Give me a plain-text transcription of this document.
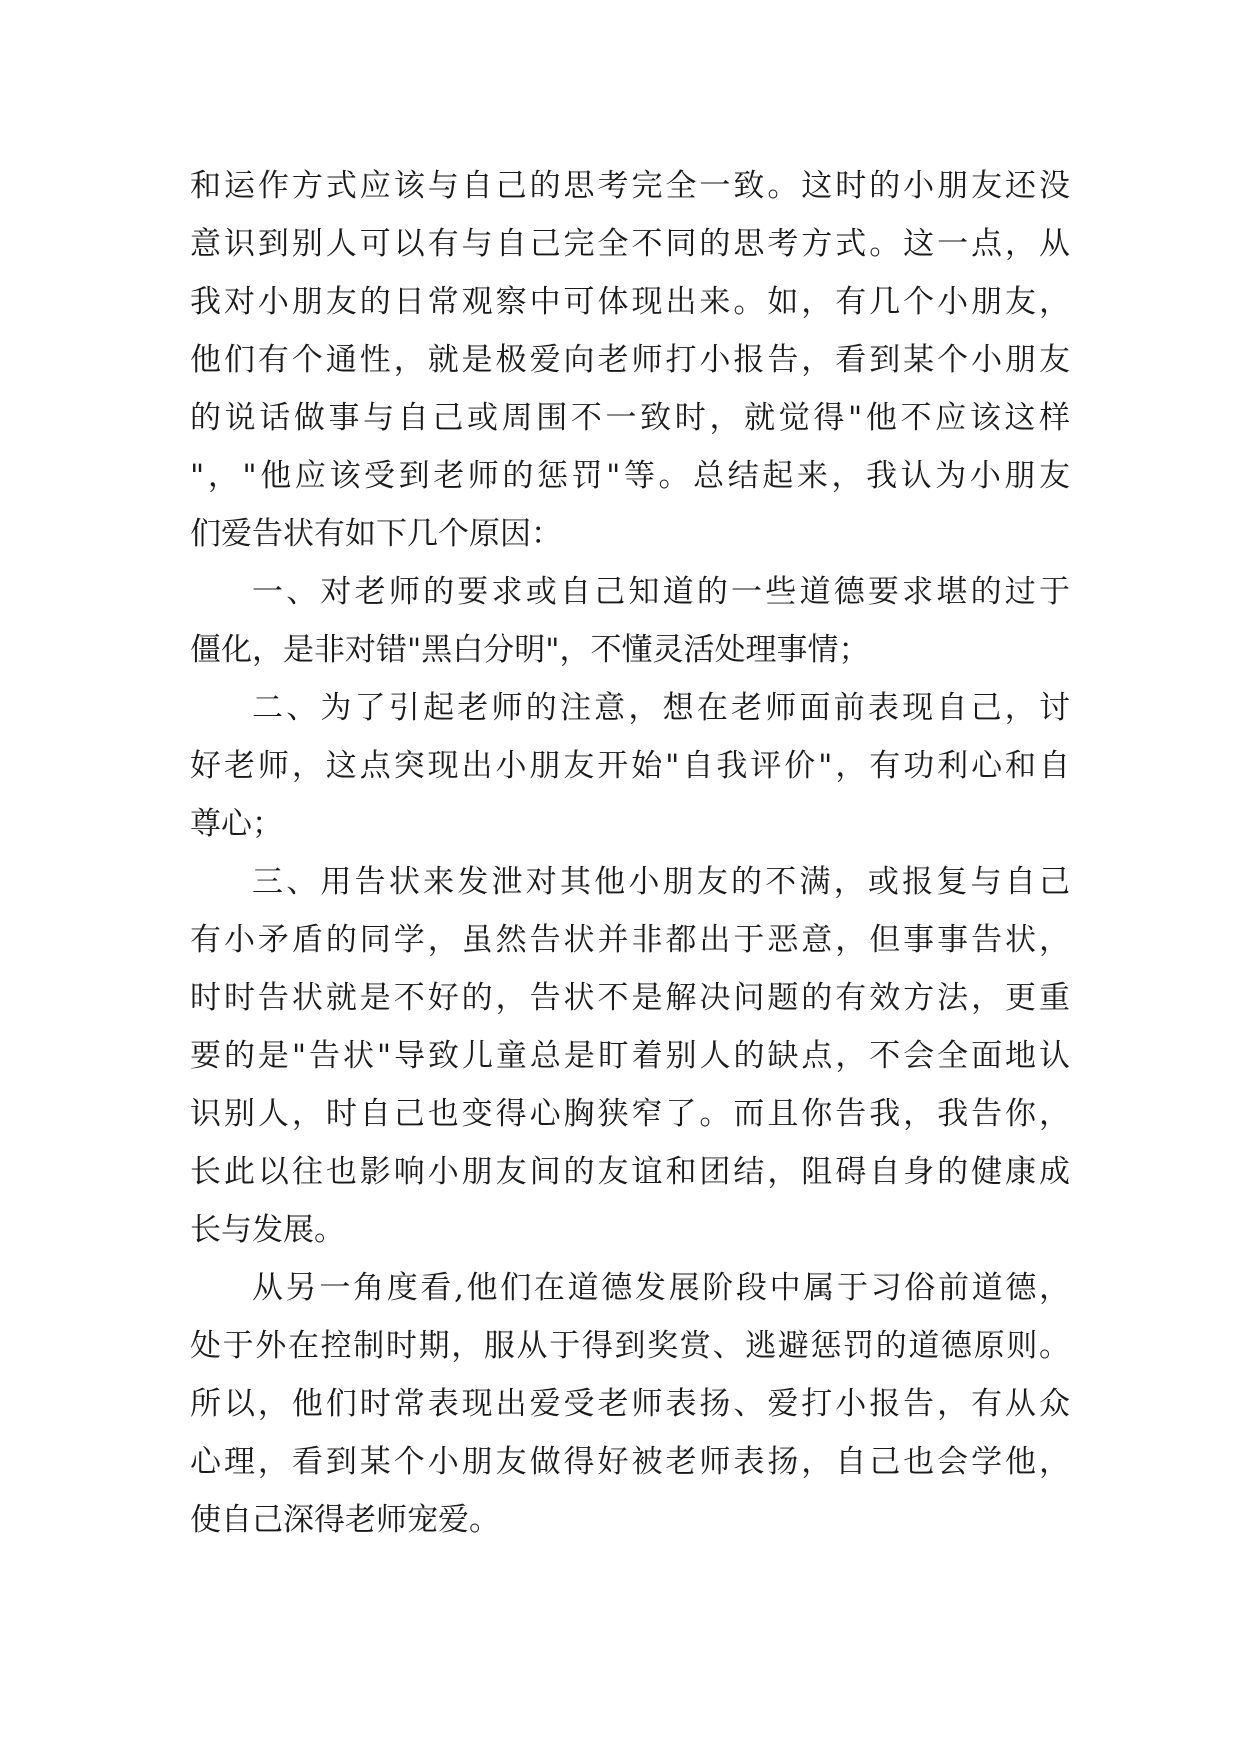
和运作方式应该与自己的思考完全一致。这时的小朋友还没
意识到别人可以有与自己完全不同的思考方式。这一点，从
我对小朋友的日常观察中可体现出来。如，有几个小朋友，
他们有个通性，就是极爱向老师打小报告，看到某个小朋友
的说话做事与自己或周围不一致时，就觉得"他不应该这样
"，"他应该受到老师的惩罚"等。总结起来，我认为小朋友
们爱告状有如下几个原因：
一、对老师的要求或自己知道的一些道德要求堪的过于
僵化，是非对错"黑白分明"，不懂灵活处理事情；
二、为了引起老师的注意，想在老师面前表现自己，讨
好老师，这点突现出小朋友开始"自我评价"，有功利心和自
尊心；
三、用告状来发泄对其他小朋友的不满，或报复与自己
有小矛盾的同学，虽然告状并非都出于恶意，但事事告状，
时时告状就是不好的，告状不是解决问题的有效方法，更重
要的是"告状"导致儿童总是盯着别人的缺点，不会全面地认
识别人，时自己也变得心胸狭窄了。而且你告我，我告你，
长此以往也影响小朋友间的友谊和团结，阻碍自身的健康成
长与发展。
从另一角度看,他们在道德发展阶段中属于习俗前道德，
处于外在控制时期，服从于得到奖赏、逃避惩罚的道德原则。
所以，他们时常表现出爱受老师表扬、爱打小报告，有从众
心理，看到某个小朋友做得好被老师表扬，自己也会学他，
使自己深得老师宠爱。
